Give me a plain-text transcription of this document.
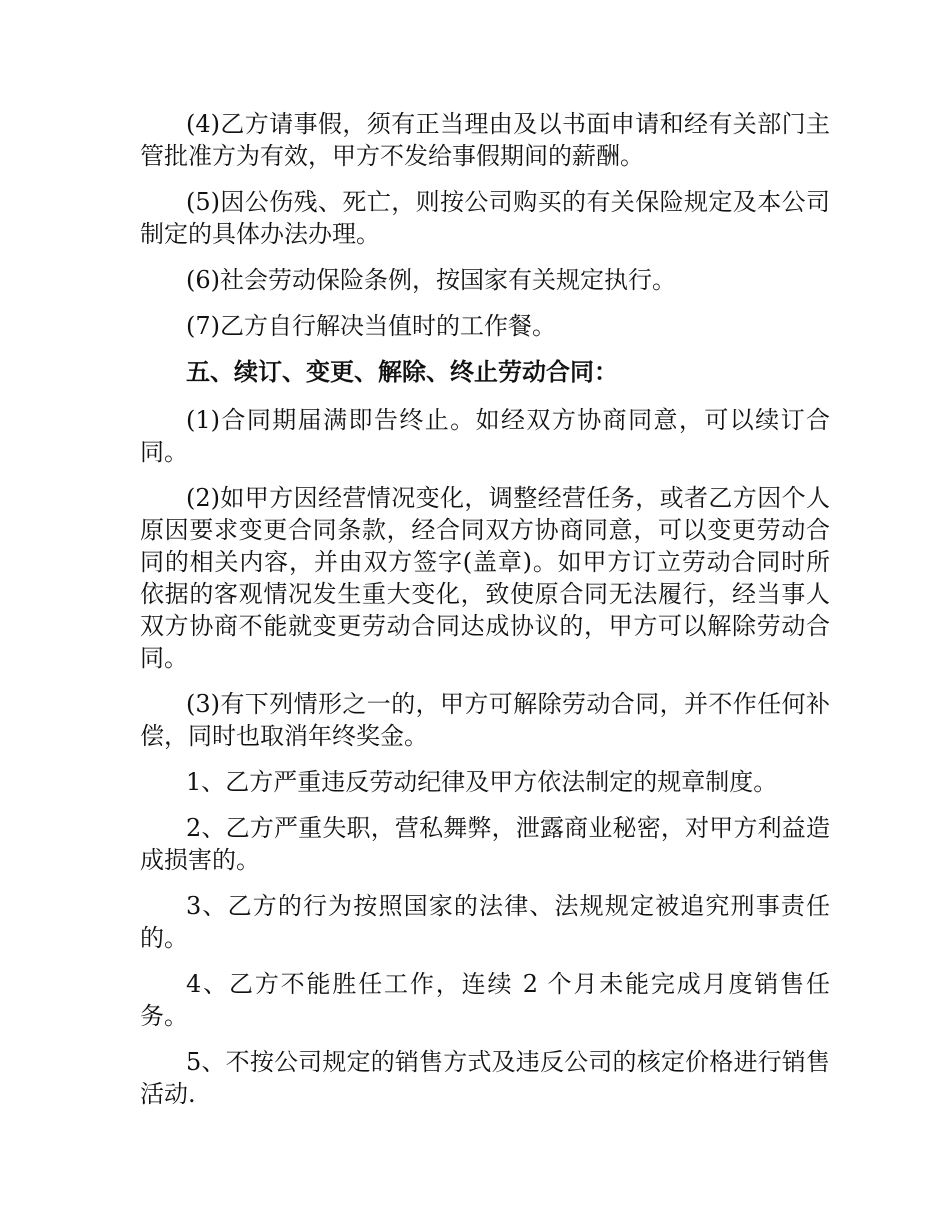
(4)乙方请事假，须有正当理由及以书面申请和经有关部门主管批准方为有效，甲方不发给事假期间的薪酬。

(5)因公伤残、死亡，则按公司购买的有关保险规定及本公司制定的具体办法办理。

(6)社会劳动保险条例，按国家有关规定执行。

(7)乙方自行解决当值时的工作餐。

五、续订、变更、解除、终止劳动合同：

(1)合同期届满即告终止。如经双方协商同意，可以续订合同。

(2)如甲方因经营情况变化，调整经营任务，或者乙方因个人原因要求变更合同条款，经合同双方协商同意，可以变更劳动合同的相关内容，并由双方签字(盖章)。如甲方订立劳动合同时所依据的客观情况发生重大变化，致使原合同无法履行，经当事人双方协商不能就变更劳动合同达成协议的，甲方可以解除劳动合同。

(3)有下列情形之一的，甲方可解除劳动合同，并不作任何补偿，同时也取消年终奖金。

1、乙方严重违反劳动纪律及甲方依法制定的规章制度。

2、乙方严重失职，营私舞弊，泄露商业秘密，对甲方利益造成损害的。

3、乙方的行为按照国家的法律、法规规定被追究刑事责任的。

4、乙方不能胜任工作，连续 2 个月未能完成月度销售任务。

5、不按公司规定的销售方式及违反公司的核定价格进行销售活动.
